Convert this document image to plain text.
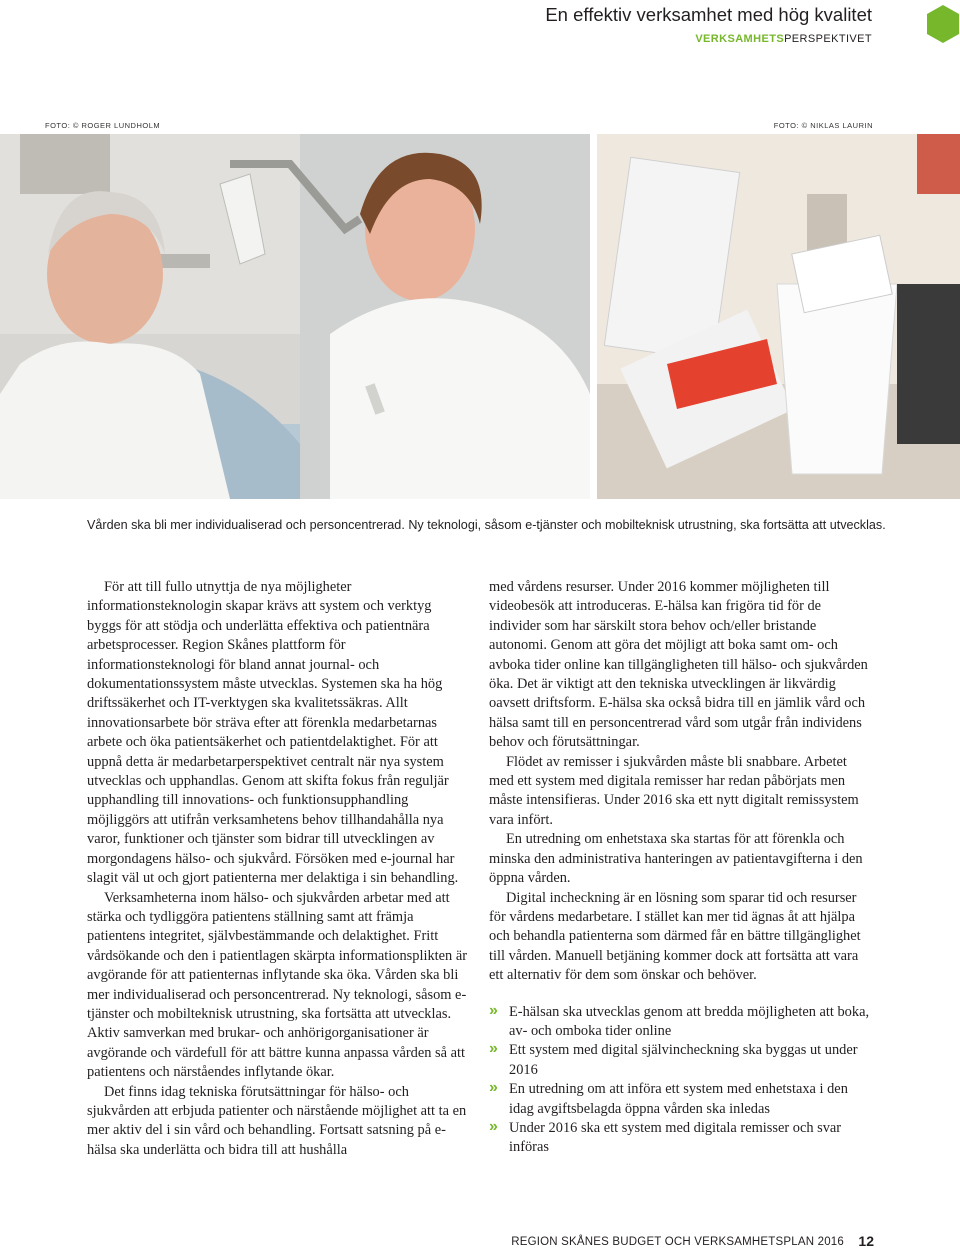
En effektiv verksamhet med hög kvalitet
VERKSAMHETSPERSPEKTIVET
FOTO: © ROGER LUNDHOLM	FOTO: © NIKLAS LAURIN
Vården ska bli mer individualiserad och personcentrerad. Ny teknologi, såsom e-tjänster och mobilteknisk utrustning, ska fortsätta att utvecklas.

För att till fullo utnyttja de nya möjligheter informationsteknologin skapar krävs att system och verktyg byggs för att stödja och underlätta effektiva och patientnära arbetsprocesser. Region Skånes plattform för informationsteknologi för bland annat journal- och dokumentationssystem måste utvecklas. Systemen ska ha hög driftssäkerhet och IT-verktygen ska kvalitetssäkras. Allt innovationsarbete bör sträva efter att förenkla medarbetarnas arbete och öka patientsäkerhet och patientdelaktighet. För att uppnå detta är medarbetarperspektivet centralt när nya system utvecklas och upphandlas. Genom att skifta fokus från reguljär upphandling till innovations- och funktionsupphandling möjliggörs att utifrån verksamhetens behov tillhandahålla nya varor, funktioner och tjänster som bidrar till utvecklingen av morgondagens hälso- och sjukvård. Försöken med e-journal har slagit väl ut och gjort patienterna mer delaktiga i sin behandling.

Verksamheterna inom hälso- och sjukvården arbetar med att stärka och tydliggöra patientens ställning samt att främja patientens integritet, självbestämmande och delaktighet. Fritt vårdsökande och den i patientlagen skärpta informationsplikten är avgörande för att patienternas inflytande ska öka. Vården ska bli mer individualiserad och personcentrerad. Ny teknologi, såsom e-tjänster och mobilteknisk utrustning, ska fortsätta att utvecklas. Aktiv samverkan med brukar- och anhörigorganisationer är avgörande och värdefull för att bättre kunna anpassa vården så att patientens och närståendes inflytande ökar.

Det finns idag tekniska förutsättningar för hälso- och sjukvården att erbjuda patienter och närstående möjlighet att ta en mer aktiv del i sin vård och behandling. Fortsatt satsning på e-hälsa ska underlätta och bidra till att hushålla

med vårdens resurser. Under 2016 kommer möjligheten till videobesök att introduceras. E-hälsa kan frigöra tid för de individer som har särskilt stora behov och/eller bristande autonomi. Genom att göra det möjligt att boka samt om- och avboka tider online kan tillgängligheten till hälso- och sjukvården öka. Det är viktigt att den tekniska utvecklingen är likvärdig oavsett driftsform. E-hälsa ska också bidra till en jämlik vård och hälsa samt till en personcentrerad vård som utgår från individens behov och förutsättningar.

Flödet av remisser i sjukvården måste bli snabbare. Arbetet med ett system med digitala remisser har redan påbörjats men måste intensifieras. Under 2016 ska ett nytt digitalt remissystem vara infört.

En utredning om enhetstaxa ska startas för att förenkla och minska den administrativa hanteringen av patientavgifterna i den öppna vården.

Digital incheckning är en lösning som sparar tid och resurser för vårdens medarbetare. I stället kan mer tid ägnas åt att hjälpa och behandla patienterna som därmed får en bättre tillgänglighet till vården. Manuell betjäning kommer dock att fortsätta att vara ett alternativ för dem som önskar och behöver.

» E-hälsan ska utvecklas genom att bredda möjligheten att boka, av- och omboka tider online
» Ett system med digital självincheckning ska byggas ut under 2016
» En utredning om att införa ett system med enhetstaxa i den idag avgiftsbelagda öppna vården ska inledas
» Under 2016 ska ett system med digitala remisser och svar införas
REGION SKÅNES BUDGET OCH VERKSAMHETSPLAN 2016 12
